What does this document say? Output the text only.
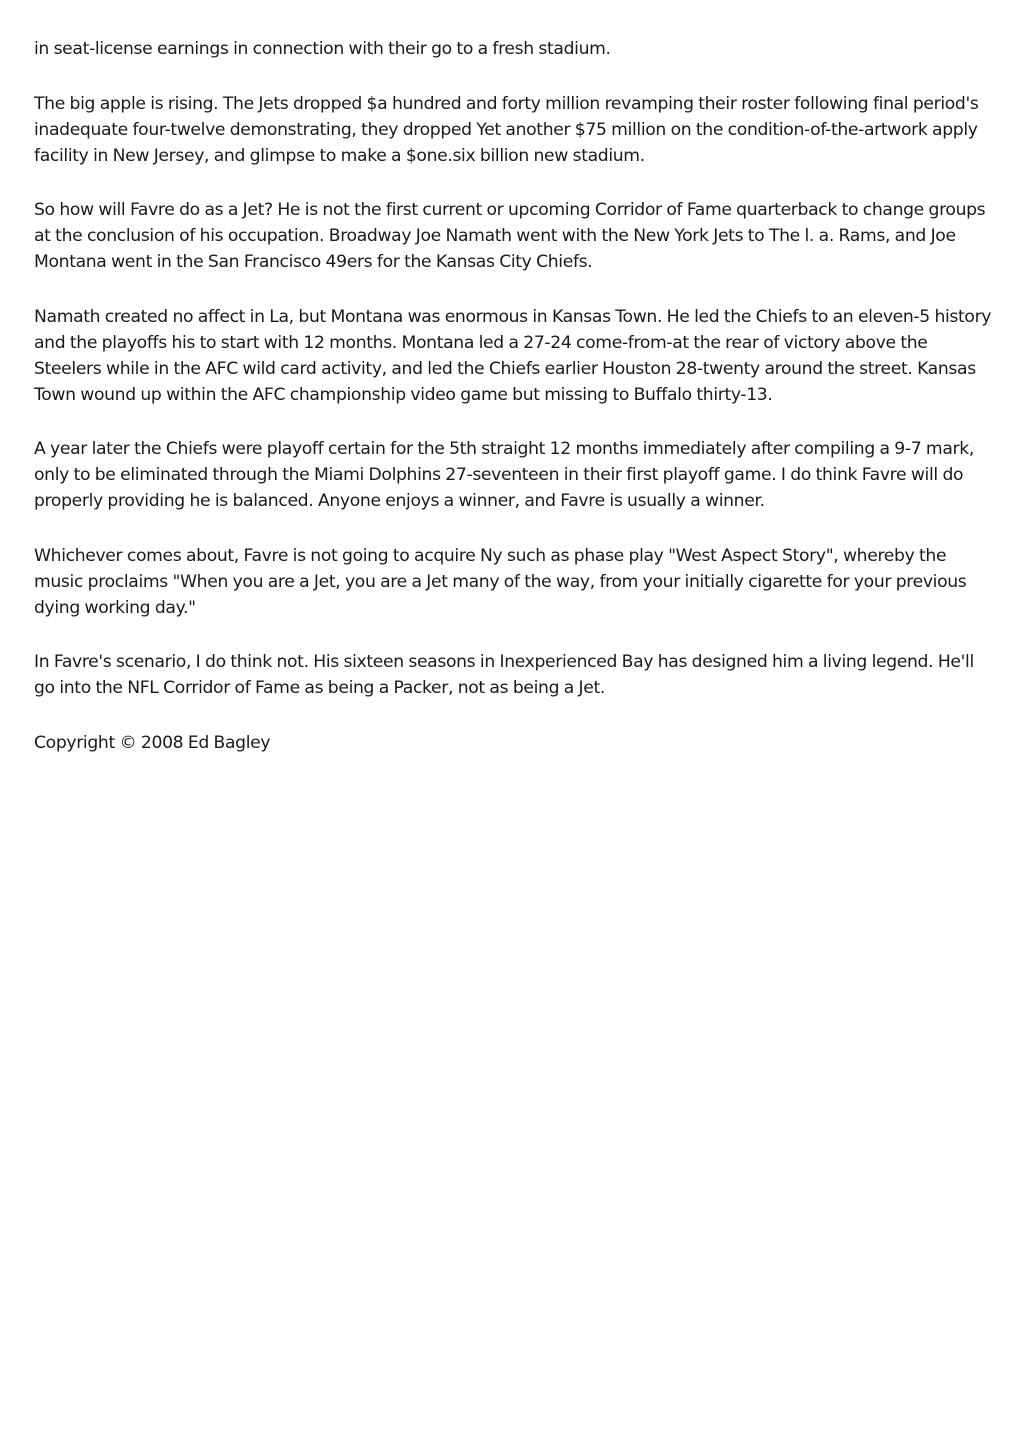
in seat-license earnings in connection with their go to a fresh stadium.

The big apple is rising. The Jets dropped $a hundred and forty million revamping their roster following final period's inadequate four-twelve demonstrating, they dropped Yet another $75 million on the condition-of-the-artwork apply facility in New Jersey, and glimpse to make a $one.six billion new stadium.

So how will Favre do as a Jet? He is not the first current or upcoming Corridor of Fame quarterback to change groups at the conclusion of his occupation. Broadway Joe Namath went with the New York Jets to The l. a. Rams, and Joe Montana went in the San Francisco 49ers for the Kansas City Chiefs.

Namath created no affect in La, but Montana was enormous in Kansas Town. He led the Chiefs to an eleven-5 history and the playoffs his to start with 12 months. Montana led a 27-24 come-from-at the rear of victory above the Steelers while in the AFC wild card activity, and led the Chiefs earlier Houston 28-twenty around the street. Kansas Town wound up within the AFC championship video game but missing to Buffalo thirty-13.

A year later the Chiefs were playoff certain for the 5th straight 12 months immediately after compiling a 9-7 mark, only to be eliminated through the Miami Dolphins 27-seventeen in their first playoff game. I do think Favre will do properly providing he is balanced. Anyone enjoys a winner, and Favre is usually a winner.

Whichever comes about, Favre is not going to acquire Ny such as phase play "West Aspect Story", whereby the music proclaims "When you are a Jet, you are a Jet many of the way, from your initially cigarette for your previous dying working day."

In Favre's scenario, I do think not. His sixteen seasons in Inexperienced Bay has designed him a living legend. He'll go into the NFL Corridor of Fame as being a Packer, not as being a Jet.

Copyright © 2008 Ed Bagley
